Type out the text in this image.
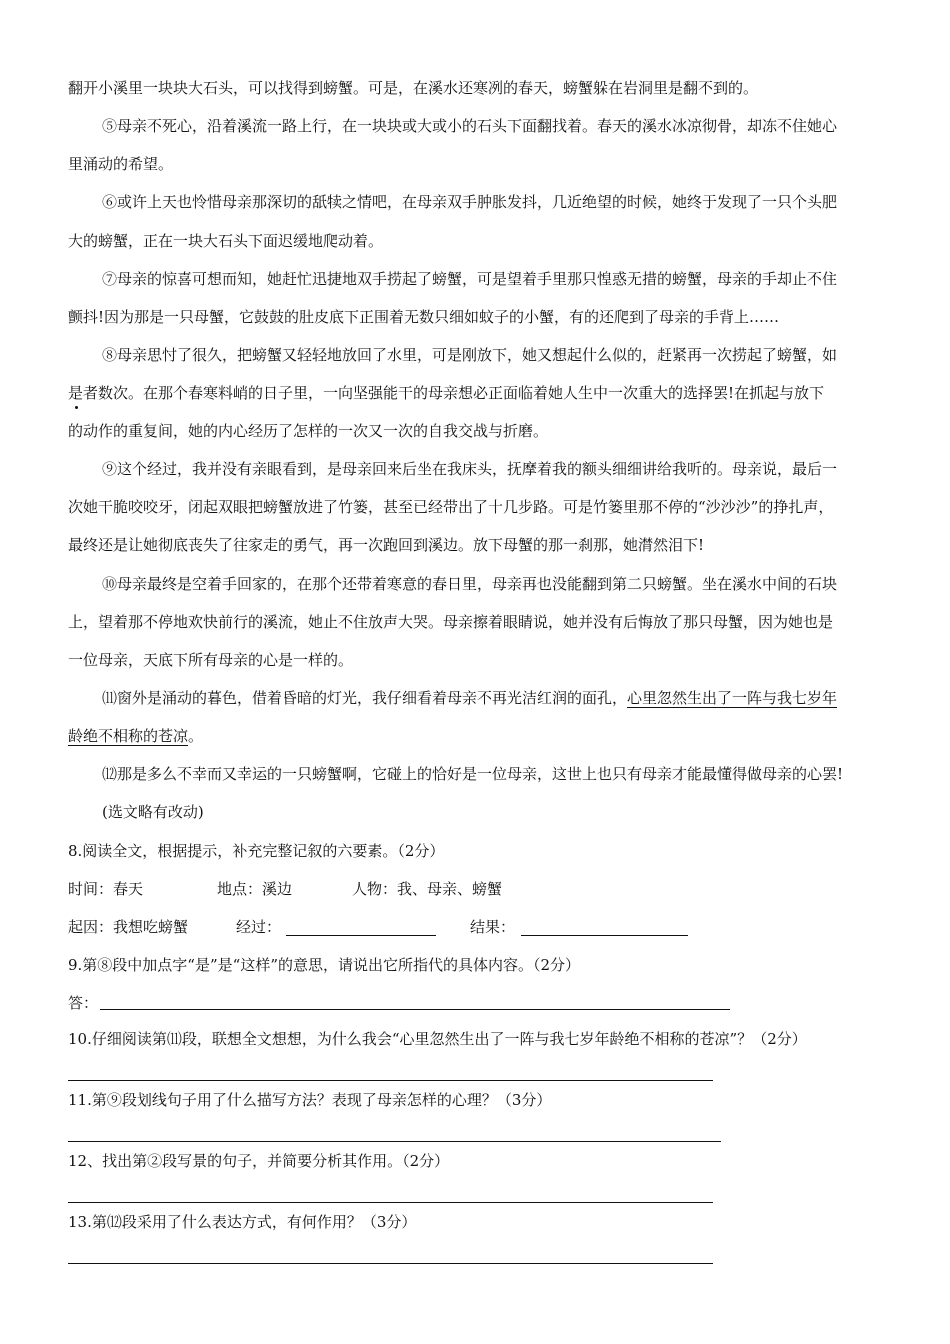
翻开小溪里一块块大石头，可以找得到螃蟹。可是，在溪水还寒冽的春天，螃蟹躲在岩洞里是翻不到的。
⑤母亲不死心，沿着溪流一路上行，在一块块或大或小的石头下面翻找着。春天的溪水冰凉彻骨，却冻不住她心
里涌动的希望。
⑥或许上天也怜惜母亲那深切的舐犊之情吧，在母亲双手肿胀发抖，几近绝望的时候，她终于发现了一只个头肥
大的螃蟹，正在一块大石头下面迟缓地爬动着。
⑦母亲的惊喜可想而知，她赶忙迅捷地双手捞起了螃蟹，可是望着手里那只惶惑无措的螃蟹，母亲的手却止不住
颤抖!因为那是一只母蟹，它鼓鼓的肚皮底下正围着无数只细如蚊子的小蟹，有的还爬到了母亲的手背上……
⑧母亲思忖了很久，把螃蟹又轻轻地放回了水里，可是刚放下，她又想起什么似的，赶紧再一次捞起了螃蟹，如
是者数次。在那个春寒料峭的日子里，一向坚强能干的母亲想必正面临着她人生中一次重大的选择罢!在抓起与放下
的动作的重复间，她的内心经历了怎样的一次又一次的自我交战与折磨。
⑨这个经过，我并没有亲眼看到，是母亲回来后坐在我床头，抚摩着我的额头细细讲给我听的。母亲说，最后一
次她干脆咬咬牙，闭起双眼把螃蟹放进了竹篓，甚至已经带出了十几步路。可是竹篓里那不停的“沙沙沙”的挣扎声，
最终还是让她彻底丧失了往家走的勇气，再一次跑回到溪边。放下母蟹的那一刹那，她潸然泪下!
⑩母亲最终是空着手回家的，在那个还带着寒意的春日里，母亲再也没能翻到第二只螃蟹。坐在溪水中间的石块
上，望着那不停地欢快前行的溪流，她止不住放声大哭。母亲擦着眼睛说，她并没有后悔放了那只母蟹，因为她也是
一位母亲，天底下所有母亲的心是一样的。
⑾窗外是涌动的暮色，借着昏暗的灯光，我仔细看着母亲不再光洁红润的面孔，心里忽然生出了一阵与我七岁年
龄绝不相称的苍凉。
⑿那是多么不幸而又幸运的一只螃蟹啊，它碰上的恰好是一位母亲，这世上也只有母亲才能最懂得做母亲的心罢!
(选文略有改动)
8.阅读全文，根据提示，补充完整记叙的六要素。（2分）
时间：春天	地点：溪边	人物：我、母亲、螃蟹
起因：我想吃螃蟹	经过：	结果：
9.第⑧段中加点字“是”是“这样”的意思，请说出它所指代的具体内容。（2分）
答：
10.仔细阅读第⑾段，联想全文想想，为什么我会“心里忽然生出了一阵与我七岁年龄绝不相称的苍凉”？（2分）
11.第⑨段划线句子用了什么描写方法？表现了母亲怎样的心理？（3分）
12、找出第②段写景的句子，并简要分析其作用。（2分）
13.第⑿段采用了什么表达方式，有何作用？（3分）
